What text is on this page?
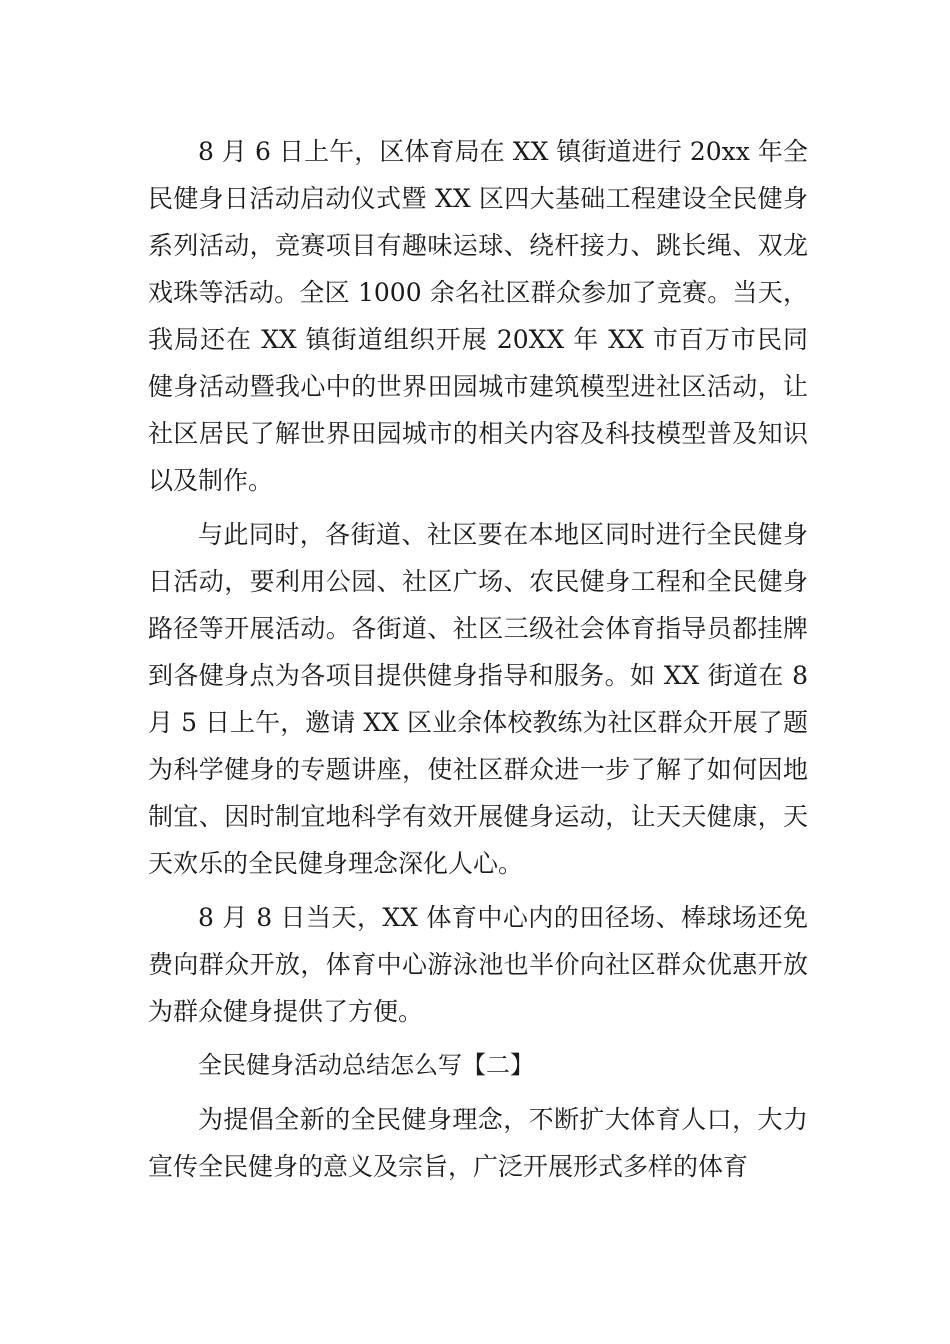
8 月 6 日上午，区体育局在 XX 镇街道进行 20xx 年全民健身日活动启动仪式暨 XX 区四大基础工程建设全民健身系列活动，竞赛项目有趣味运球、绕杆接力、跳长绳、双龙戏珠等活动。全区 1000 余名社区群众参加了竞赛。当天，我局还在 XX 镇街道组织开展 20XX 年 XX 市百万市民同健身活动暨我心中的世界田园城市建筑模型进社区活动，让社区居民了解世界田园城市的相关内容及科技模型普及知识以及制作。

与此同时，各街道、社区要在本地区同时进行全民健身日活动，要利用公园、社区广场、农民健身工程和全民健身路径等开展活动。各街道、社区三级社会体育指导员都挂牌到各健身点为各项目提供健身指导和服务。如 XX 街道在 8 月 5 日上午，邀请 XX 区业余体校教练为社区群众开展了题为科学健身的专题讲座，使社区群众进一步了解了如何因地制宜、因时制宜地科学有效开展健身运动，让天天健康，天天欢乐的全民健身理念深化人心。

8 月 8 日当天，XX 体育中心内的田径场、棒球场还免费向群众开放，体育中心游泳池也半价向社区群众优惠开放为群众健身提供了方便。

全民健身活动总结怎么写【二】

为提倡全新的全民健身理念，不断扩大体育人口，大力宣传全民健身的意义及宗旨，广泛开展形式多样的体育
